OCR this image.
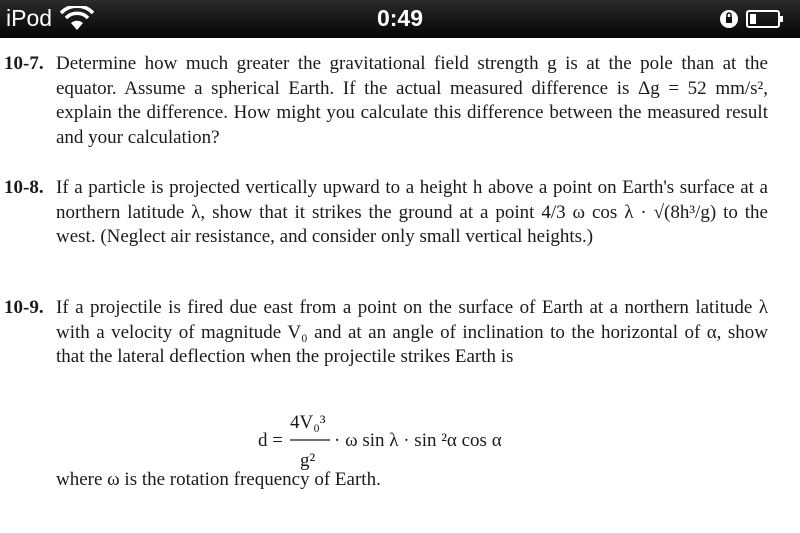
iPod	0:49
10-7. Determine how much greater the gravitational field strength g is at the pole than at the equator. Assume a spherical Earth. If the actual measured difference is Δg = 52 mm/s², explain the difference. How might you calculate this difference between the measured result and your calculation?
10-8. If a particle is projected vertically upward to a height h above a point on Earth's surface at a northern latitude λ, show that it strikes the ground at a point 4/3 ω cos λ · √(8h³/g) to the west. (Neglect air resistance, and consider only small vertical heights.)
10-9. If a projectile is fired due east from a point on the surface of Earth at a northern latitude λ with a velocity of magnitude V₀ and at an angle of inclination to the horizontal of α, show that the lateral deflection when the projectile strikes Earth is
d =
4V₀³
g²
· ω sin λ · sin ²α cos α
where ω is the rotation frequency of Earth.
